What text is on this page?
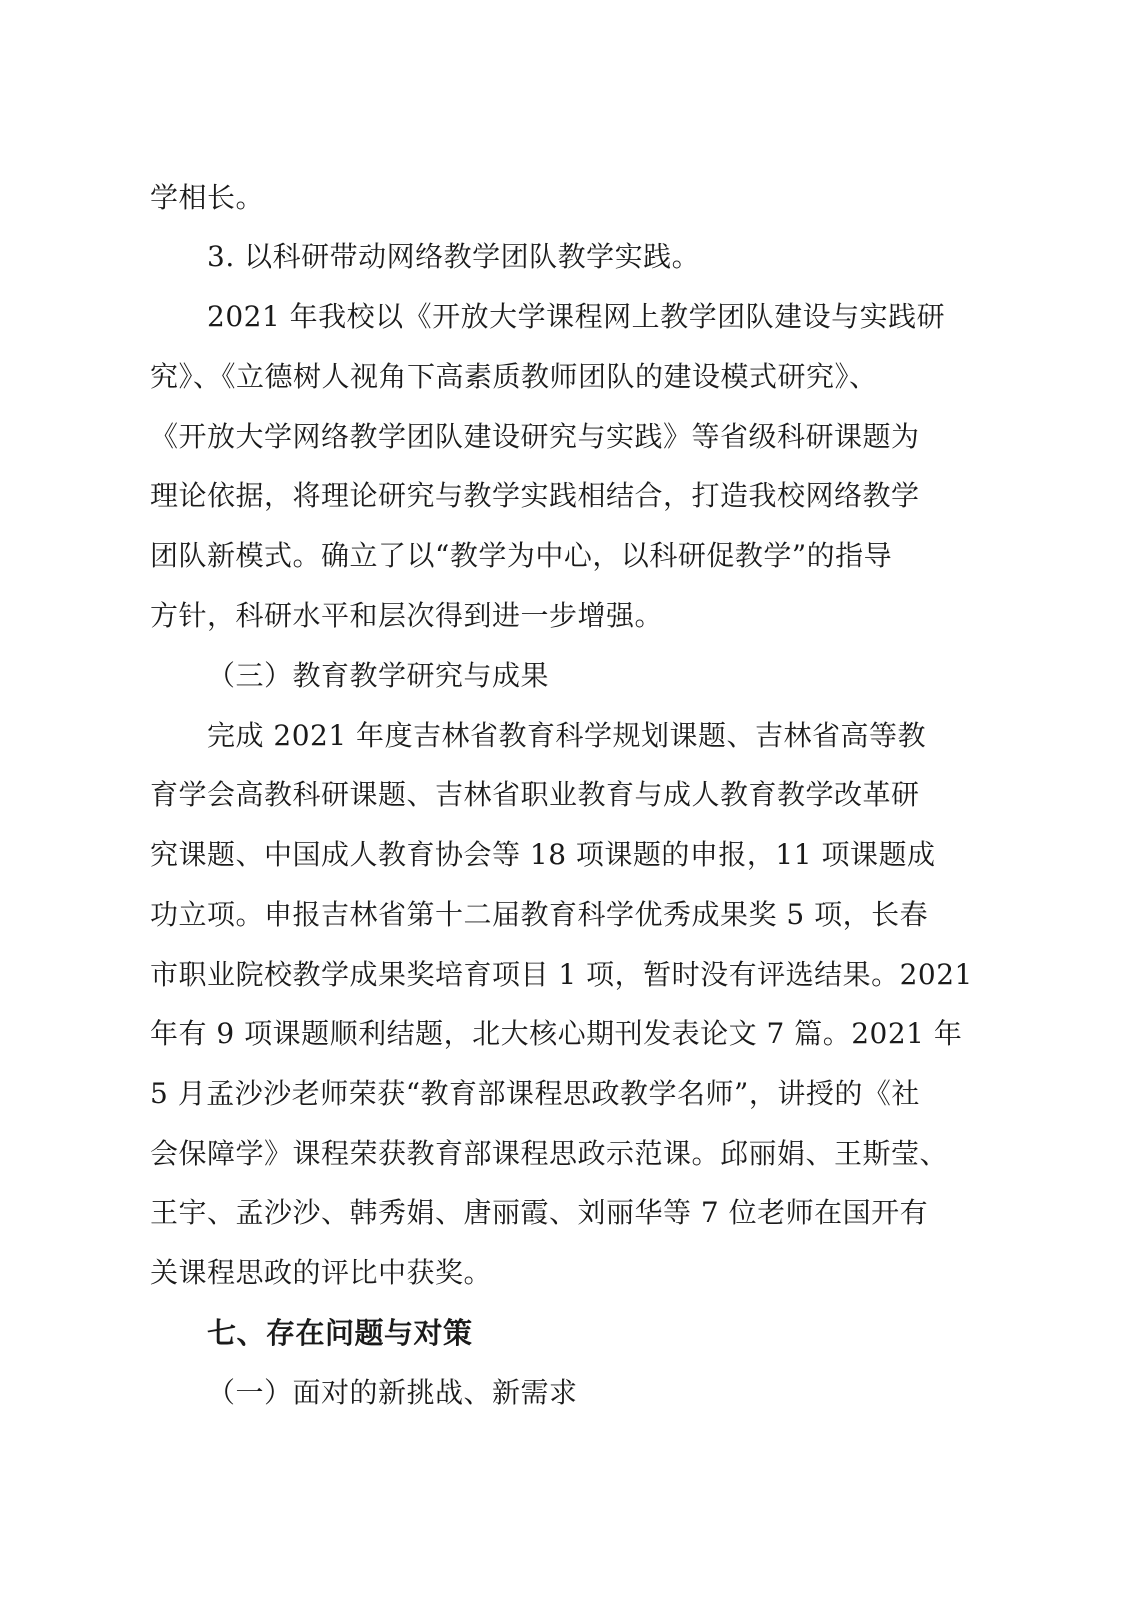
学相长。
3. 以科研带动网络教学团队教学实践。
2021 年我校以《开放大学课程网上教学团队建设与实践研
究》、《立德树人视角下高素质教师团队的建设模式研究》、
《开放大学网络教学团队建设研究与实践》等省级科研课题为
理论依据，将理论研究与教学实践相结合，打造我校网络教学
团队新模式。确立了以“教学为中心，以科研促教学”的指导
方针，科研水平和层次得到进一步增强。
（三）教育教学研究与成果
完成 2021 年度吉林省教育科学规划课题、吉林省高等教
育学会高教科研课题、吉林省职业教育与成人教育教学改革研
究课题、中国成人教育协会等 18 项课题的申报，11 项课题成
功立项。申报吉林省第十二届教育科学优秀成果奖 5 项，长春
市职业院校教学成果奖培育项目 1 项，暂时没有评选结果。2021
年有 9 项课题顺利结题，北大核心期刊发表论文 7 篇。2021 年
5 月孟沙沙老师荣获“教育部课程思政教学名师”，讲授的《社
会保障学》课程荣获教育部课程思政示范课。邱丽娟、王斯莹、
王宇、孟沙沙、韩秀娟、唐丽霞、刘丽华等 7 位老师在国开有
关课程思政的评比中获奖。
七、存在问题与对策
（一）面对的新挑战、新需求
